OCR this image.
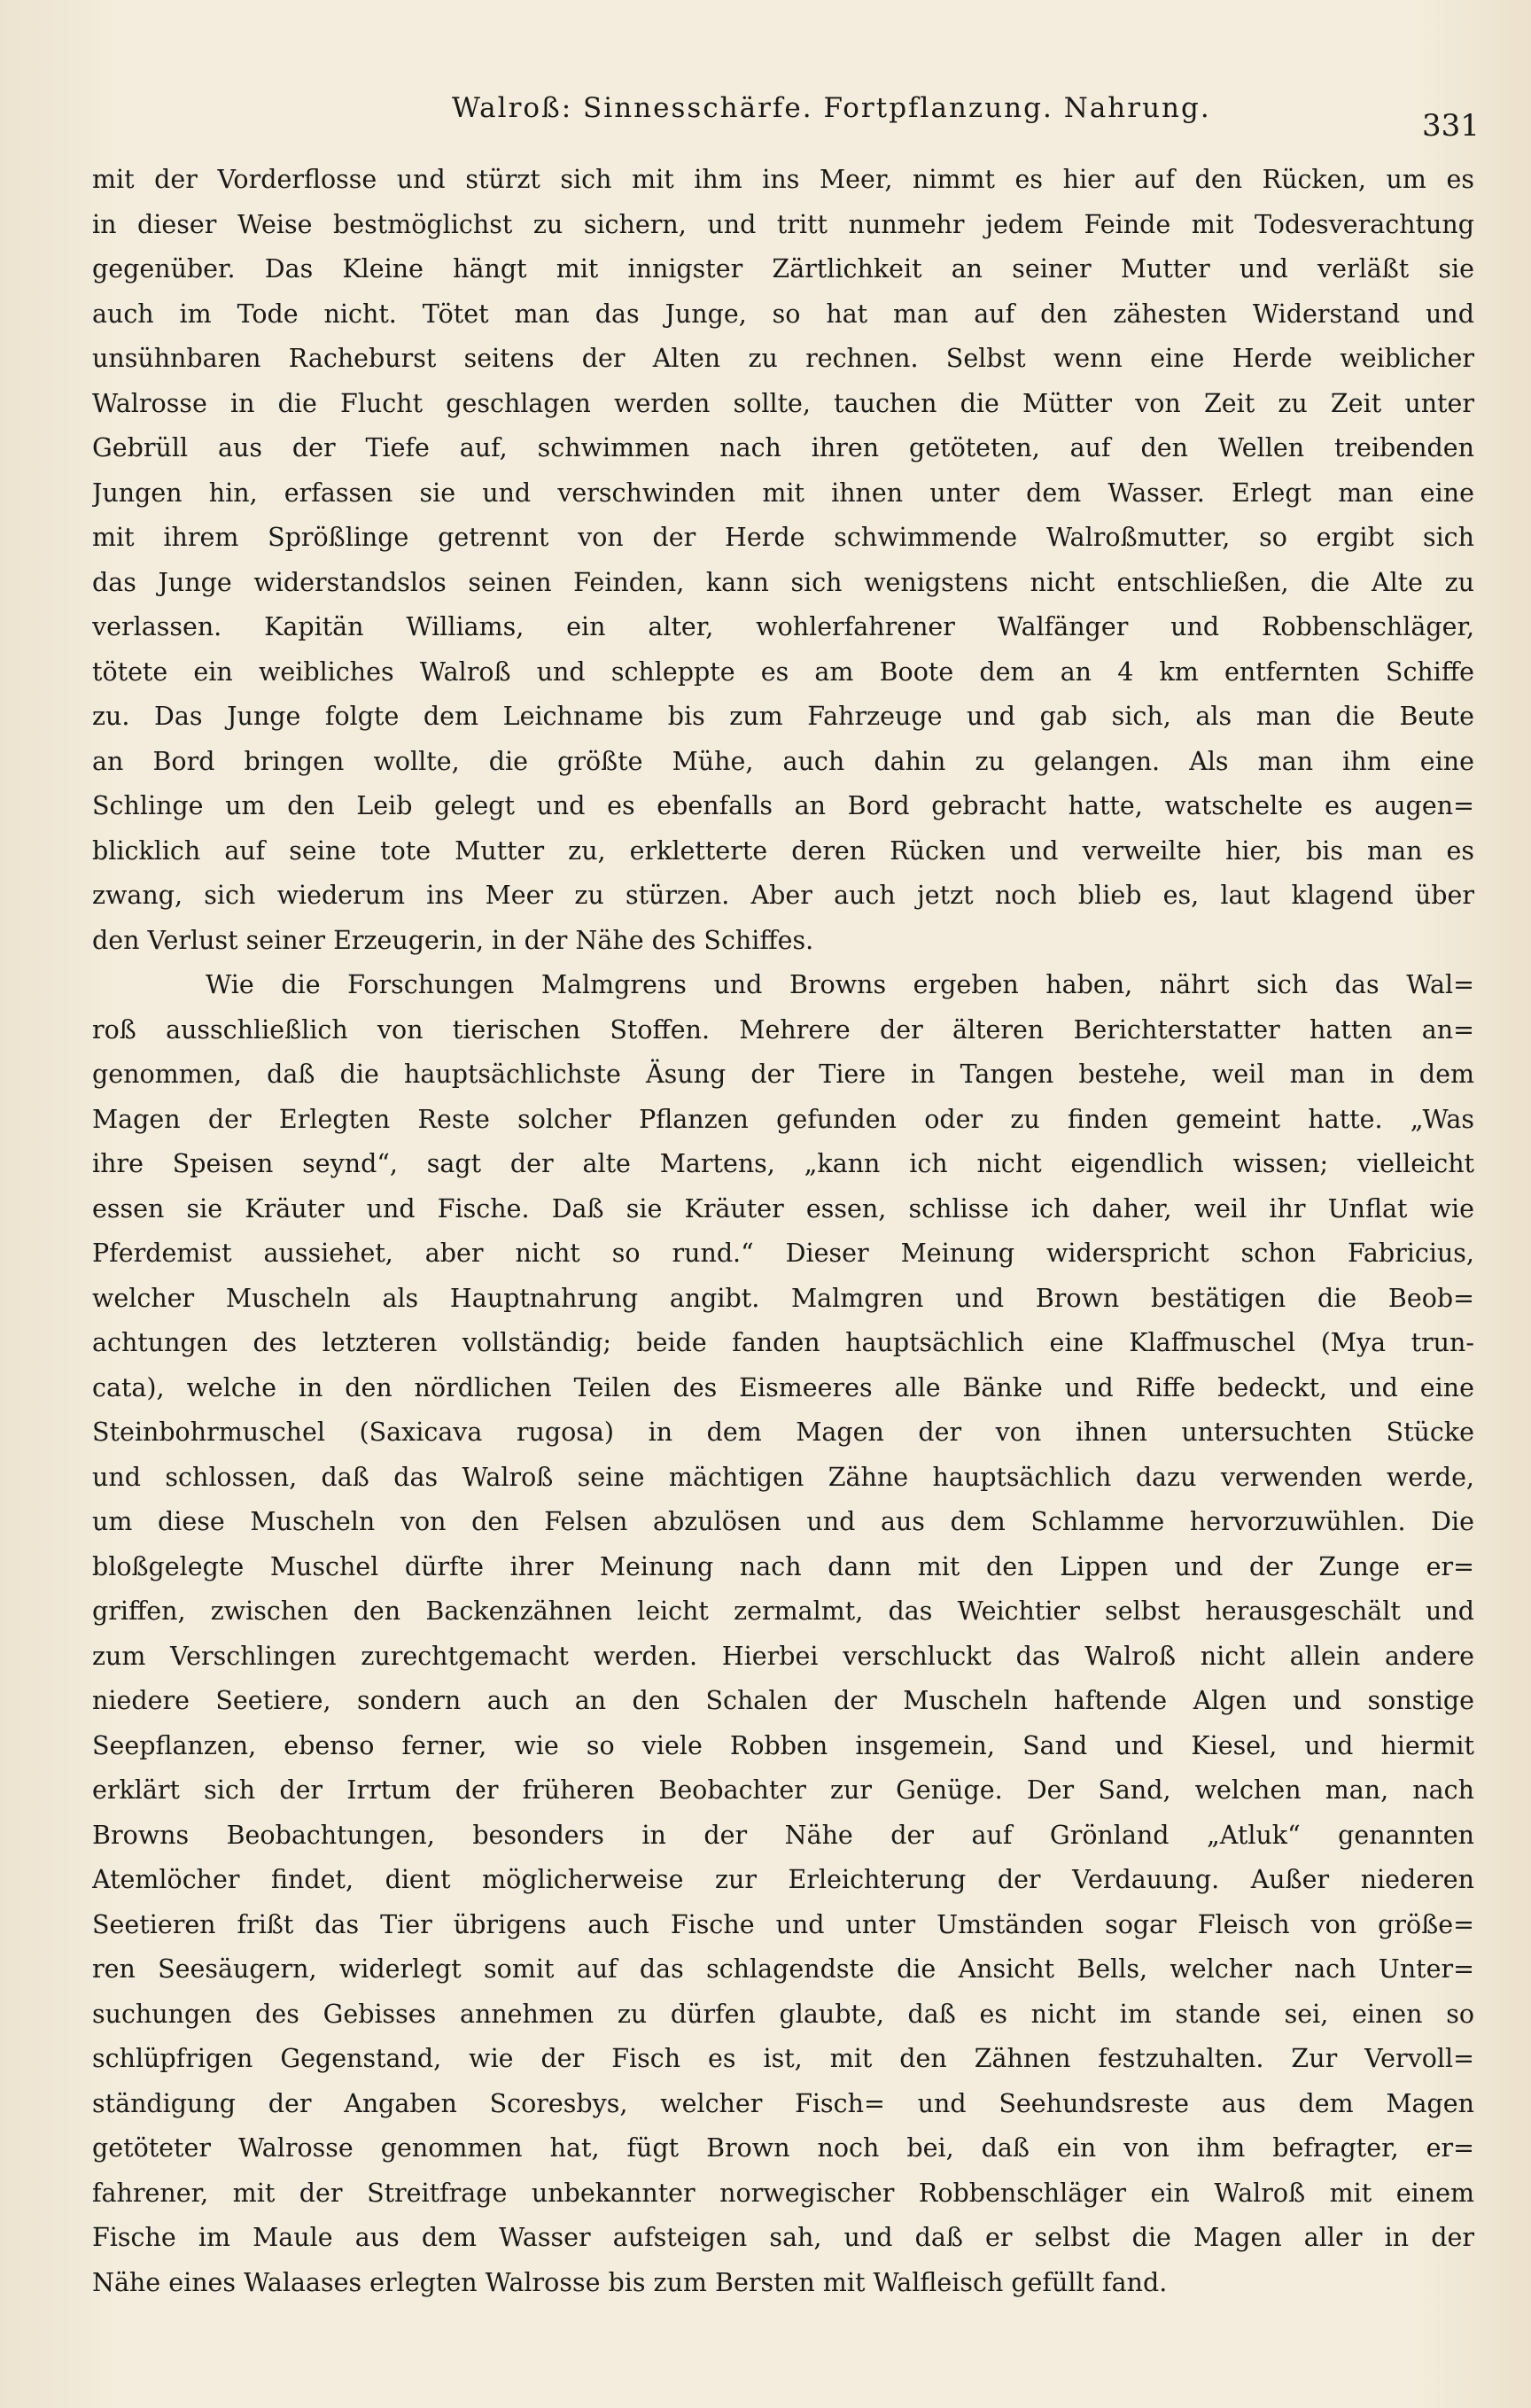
Walroß: Sinnesschärfe. Fortpflanzung. Nahrung.	331
mit der Vorderflosse und stürzt sich mit ihm ins Meer, nimmt es hier auf den Rücken, um es
in dieser Weise bestmöglichst zu sichern, und tritt nunmehr jedem Feinde mit Todesverachtung
gegenüber. Das Kleine hängt mit innigster Zärtlichkeit an seiner Mutter und verläßt sie
auch im Tode nicht. Tötet man das Junge, so hat man auf den zähesten Widerstand und
unsühnbaren Racheburst seitens der Alten zu rechnen. Selbst wenn eine Herde weiblicher
Walrosse in die Flucht geschlagen werden sollte, tauchen die Mütter von Zeit zu Zeit unter
Gebrüll aus der Tiefe auf, schwimmen nach ihren getöteten, auf den Wellen treibenden
Jungen hin, erfassen sie und verschwinden mit ihnen unter dem Wasser. Erlegt man eine
mit ihrem Sprößlinge getrennt von der Herde schwimmende Walroßmutter, so ergibt sich
das Junge widerstandslos seinen Feinden, kann sich wenigstens nicht entschließen, die Alte zu
verlassen. Kapitän Williams, ein alter, wohlerfahrener Walfänger und Robbenschläger,
tötete ein weibliches Walroß und schleppte es am Boote dem an 4 km entfernten Schiffe
zu. Das Junge folgte dem Leichname bis zum Fahrzeuge und gab sich, als man die Beute
an Bord bringen wollte, die größte Mühe, auch dahin zu gelangen. Als man ihm eine
Schlinge um den Leib gelegt und es ebenfalls an Bord gebracht hatte, watschelte es augen=
blicklich auf seine tote Mutter zu, erkletterte deren Rücken und verweilte hier, bis man es
zwang, sich wiederum ins Meer zu stürzen. Aber auch jetzt noch blieb es, laut klagend über
den Verlust seiner Erzeugerin, in der Nähe des Schiffes.
Wie die Forschungen Malmgrens und Browns ergeben haben, nährt sich das Wal=
roß ausschließlich von tierischen Stoffen. Mehrere der älteren Berichterstatter hatten an=
genommen, daß die hauptsächlichste Äsung der Tiere in Tangen bestehe, weil man in dem
Magen der Erlegten Reste solcher Pflanzen gefunden oder zu finden gemeint hatte. „Was
ihre Speisen seynd“, sagt der alte Martens, „kann ich nicht eigendlich wissen; vielleicht
essen sie Kräuter und Fische. Daß sie Kräuter essen, schlisse ich daher, weil ihr Unflat wie
Pferdemist aussiehet, aber nicht so rund.“ Dieser Meinung widerspricht schon Fabricius,
welcher Muscheln als Hauptnahrung angibt. Malmgren und Brown bestätigen die Beob=
achtungen des letzteren vollständig; beide fanden hauptsächlich eine Klaffmuschel (Mya trun-
cata), welche in den nördlichen Teilen des Eismeeres alle Bänke und Riffe bedeckt, und eine
Steinbohrmuschel (Saxicava rugosa) in dem Magen der von ihnen untersuchten Stücke
und schlossen, daß das Walroß seine mächtigen Zähne hauptsächlich dazu verwenden werde,
um diese Muscheln von den Felsen abzulösen und aus dem Schlamme hervorzuwühlen. Die
bloßgelegte Muschel dürfte ihrer Meinung nach dann mit den Lippen und der Zunge er=
griffen, zwischen den Backenzähnen leicht zermalmt, das Weichtier selbst herausgeschält und
zum Verschlingen zurechtgemacht werden. Hierbei verschluckt das Walroß nicht allein andere
niedere Seetiere, sondern auch an den Schalen der Muscheln haftende Algen und sonstige
Seepflanzen, ebenso ferner, wie so viele Robben insgemein, Sand und Kiesel, und hiermit
erklärt sich der Irrtum der früheren Beobachter zur Genüge. Der Sand, welchen man, nach
Browns Beobachtungen, besonders in der Nähe der auf Grönland „Atluk“ genannten
Atemlöcher findet, dient möglicherweise zur Erleichterung der Verdauung. Außer niederen
Seetieren frißt das Tier übrigens auch Fische und unter Umständen sogar Fleisch von größe=
ren Seesäugern, widerlegt somit auf das schlagendste die Ansicht Bells, welcher nach Unter=
suchungen des Gebisses annehmen zu dürfen glaubte, daß es nicht im stande sei, einen so
schlüpfrigen Gegenstand, wie der Fisch es ist, mit den Zähnen festzuhalten. Zur Vervoll=
ständigung der Angaben Scoresbys, welcher Fisch= und Seehundsreste aus dem Magen
getöteter Walrosse genommen hat, fügt Brown noch bei, daß ein von ihm befragter, er=
fahrener, mit der Streitfrage unbekannter norwegischer Robbenschläger ein Walroß mit einem
Fische im Maule aus dem Wasser aufsteigen sah, und daß er selbst die Magen aller in der
Nähe eines Walaases erlegten Walrosse bis zum Bersten mit Walfleisch gefüllt fand.
